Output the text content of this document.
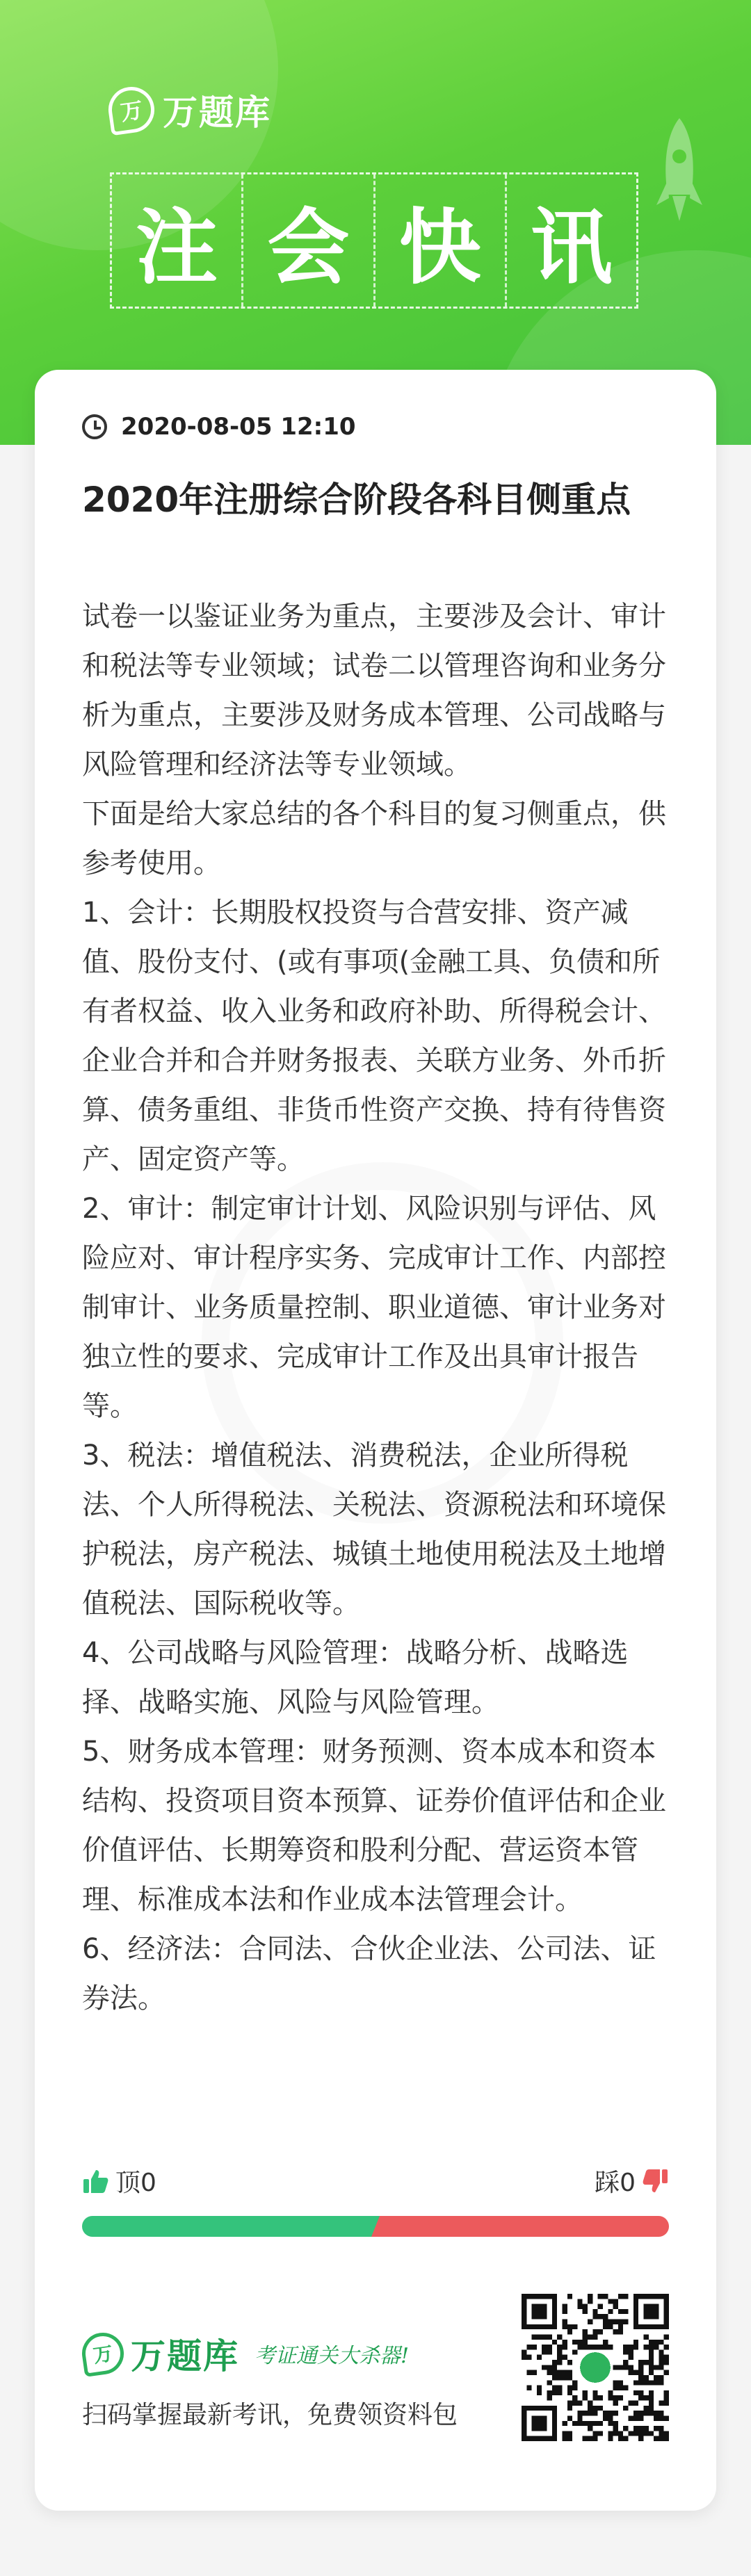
万 万题库
注 会 快 讯
2020-08-05 12:10
2020年注册综合阶段各科目侧重点

试卷一以鉴证业务为重点，主要涉及会计、审计和税法等专业领域；试卷二以管理咨询和业务分析为重点，主要涉及财务成本管理、公司战略与风险管理和经济法等专业领域。

下面是给大家总结的各个科目的复习侧重点，供参考使用。

1、会计：长期股权投资与合营安排、资产减值、股份支付、(或有事项(金融工具、负债和所有者权益、收入业务和政府补助、所得税会计、企业合并和合并财务报表、关联方业务、外币折算、债务重组、非货币性资产交换、持有待售资产、固定资产等。

2、审计：制定审计计划、风险识别与评估、风险应对、审计程序实务、完成审计工作、内部控制审计、业务质量控制、职业道德、审计业务对独立性的要求、完成审计工作及出具审计报告等。

3、税法：增值税法、消费税法，企业所得税法、个人所得税法、关税法、资源税法和环境保护税法，房产税法、城镇土地使用税法及土地增值税法、国际税收等。

4、公司战略与风险管理：战略分析、战略选择、战略实施、风险与风险管理。

5、财务成本管理：财务预测、资本成本和资本结构、投资项目资本预算、证券价值评估和企业价值评估、长期筹资和股利分配、营运资本管理、标准成本法和作业成本法管理会计。

6、经济法：合同法、合伙企业法、公司法、证券法。

顶0	踩0
万 万题库 考证通关大杀器!
扫码掌握最新考讯，免费领资料包
